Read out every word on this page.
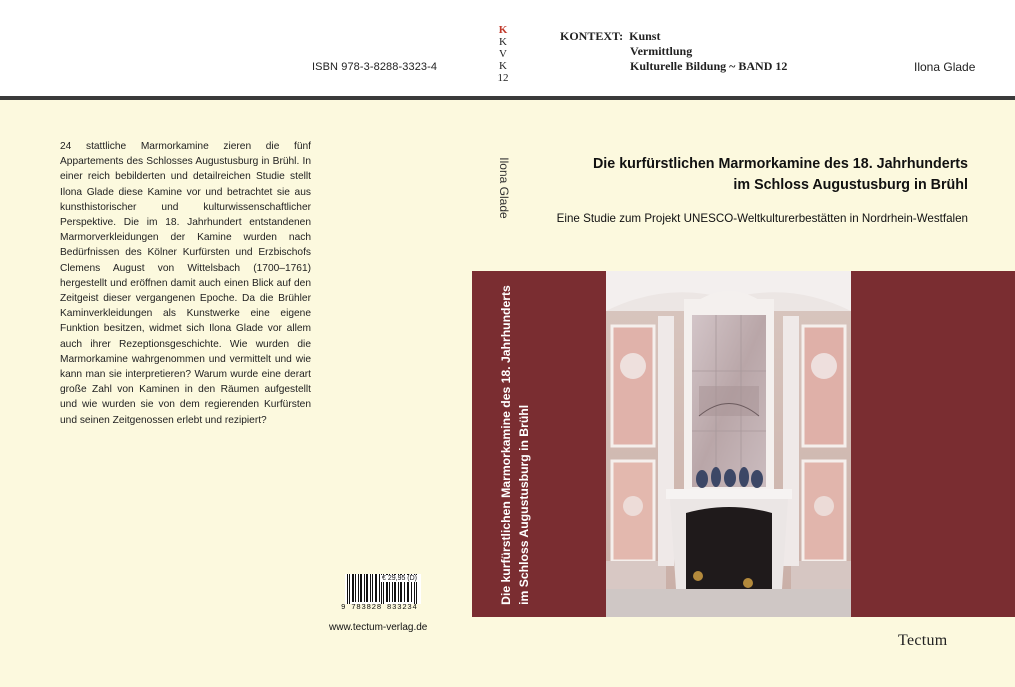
ISBN 978-3-8288-3323-4
K
K
V
K
12
KONTEXT: Kunst
Vermittlung
Kulturelle Bildung ~ BAND 12	Ilona Glade
24 stattliche Marmorkamine zieren die fünf Appartements des Schlosses Augustusburg in Brühl. In einer reich bebilderten und detailreichen Studie stellt Ilona Glade diese Kamine vor und betrachtet sie aus kunsthistorischer und kulturwissenschaftlicher Perspektive. Die im 18. Jahrhundert entstandenen Marmorverkleidungen der Kamine wurden nach Bedürfnissen des Kölner Kurfürsten und Erzbischofs Clemens August von Wittelsbach (1700–1761) hergestellt und eröffnen damit auch einen Blick auf den Zeitgeist dieser vergangenen Epoche. Da die Brühler Kaminverkleidungen als Kunstwerke eine eigene Funktion besitzen, widmet sich Ilona Glade vor allem auch ihrer Rezeptionsgeschichte. Wie wurden die Marmorkamine wahrgenommen und vermittelt und wie kann man sie interpretieren? Warum wurde eine derart große Zahl von Kaminen in den Räumen aufgestellt und wie wurden sie von dem regierenden Kurfürsten und seinen Zeitgenossen erlebt und rezipiert?
Ilona Glade	Die kurfürstlichen Marmorkamine des 18. Jahrhunderts
im Schloss Augustusburg in Brühl
Eine Studie zum Projekt UNESCO-Weltkulturerbestätten in Nordrhein-Westfalen
Die kurfürstlichen Marmorkamine des 18. Jahrhunderts im Schloss Augustusburg in Brühl
€ 29,95 (D)
9 783828 833234
www.tectum-verlag.de
Tectum
